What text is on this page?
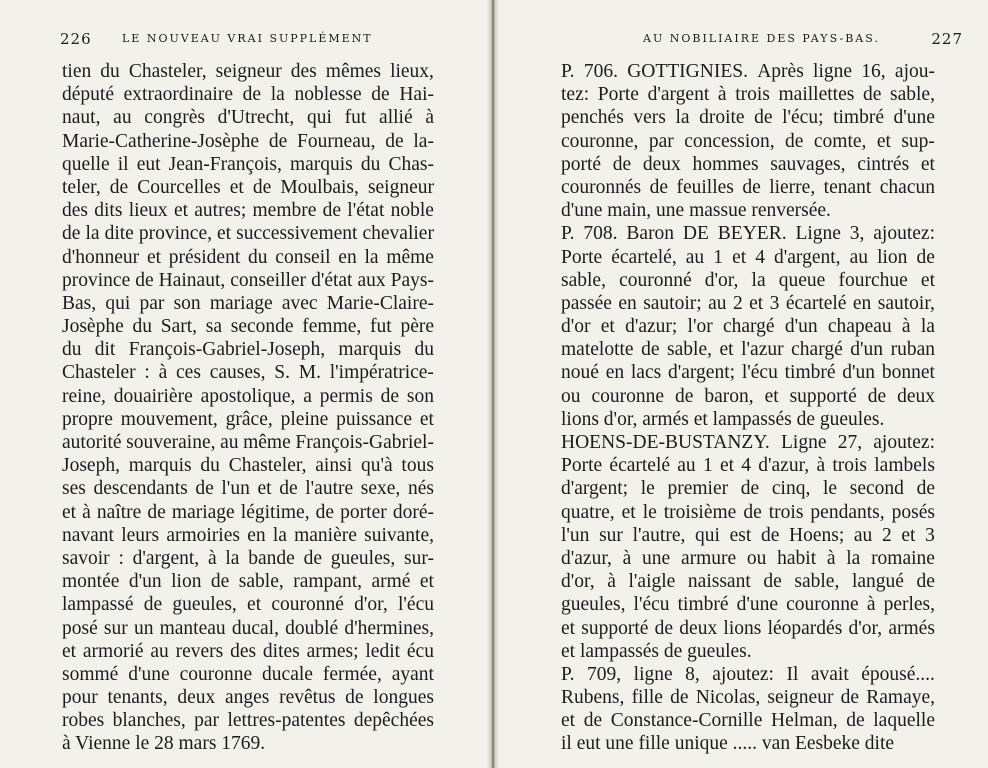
226	LE NOUVEAU VRAI SUPPLÉMENT
tien du Chasteler, seigneur des mêmes lieux,
député extraordinaire de la noblesse de Hai-
naut, au congrès d'Utrecht, qui fut allié à
Marie-Catherine-Josèphe de Fourneau, de la-
quelle il eut Jean-François, marquis du Chas-
teler, de Courcelles et de Moulbais, seigneur
des dits lieux et autres; membre de l'état noble
de la dite province, et successivement chevalier
d'honneur et président du conseil en la même
province de Hainaut, conseiller d'état aux Pays-
Bas, qui par son mariage avec Marie-Claire-
Josèphe du Sart, sa seconde femme, fut père
du dit François-Gabriel-Joseph, marquis du
Chasteler : à ces causes, S. M. l'impératrice-
reine, douairière apostolique, a permis de son
propre mouvement, grâce, pleine puissance et
autorité souveraine, au même François-Gabriel-
Joseph, marquis du Chasteler, ainsi qu'à tous
ses descendants de l'un et de l'autre sexe, nés
et à naître de mariage légitime, de porter doré-
navant leurs armoiries en la manière suivante,
savoir : d'argent, à la bande de gueules, sur-
montée d'un lion de sable, rampant, armé et
lampassé de gueules, et couronné d'or, l'écu
posé sur un manteau ducal, doublé d'hermines,
et armorié au revers des dites armes; ledit écu
sommé d'une couronne ducale fermée, ayant
pour tenants, deux anges revêtus de longues
robes blanches, par lettres-patentes depêchées
à Vienne le 28 mars 1769.
AU NOBILIAIRE DES PAYS-BAS.	227
P. 706. GOTTIGNIES. Après ligne 16, ajou-
tez: Porte d'argent à trois maillettes de sable,
penchés vers la droite de l'écu; timbré d'une
couronne, par concession, de comte, et sup-
porté de deux hommes sauvages, cintrés et
couronnés de feuilles de lierre, tenant chacun
d'une main, une massue renversée.
P. 708. Baron DE BEYER. Ligne 3, ajoutez:
Porte écartelé, au 1 et 4 d'argent, au lion de
sable, couronné d'or, la queue fourchue et
passée en sautoir; au 2 et 3 écartelé en sautoir,
d'or et d'azur; l'or chargé d'un chapeau à la
matelotte de sable, et l'azur chargé d'un ruban
noué en lacs d'argent; l'écu timbré d'un bonnet
ou couronne de baron, et supporté de deux
lions d'or, armés et lampassés de gueules.
HOENS-DE-BUSTANZY. Ligne 27, ajoutez:
Porte écartelé au 1 et 4 d'azur, à trois lambels
d'argent; le premier de cinq, le second de
quatre, et le troisième de trois pendants, posés
l'un sur l'autre, qui est de Hoens; au 2 et 3
d'azur, à une armure ou habit à la romaine
d'or, à l'aigle naissant de sable, langué de
gueules, l'écu timbré d'une couronne à perles,
et supporté de deux lions léopardés d'or, armés
et lampassés de gueules.
P. 709, ligne 8, ajoutez: Il avait épousé....
Rubens, fille de Nicolas, seigneur de Ramaye,
et de Constance-Cornille Helman, de laquelle
il eut une fille unique ..... van Eesbeke dite
